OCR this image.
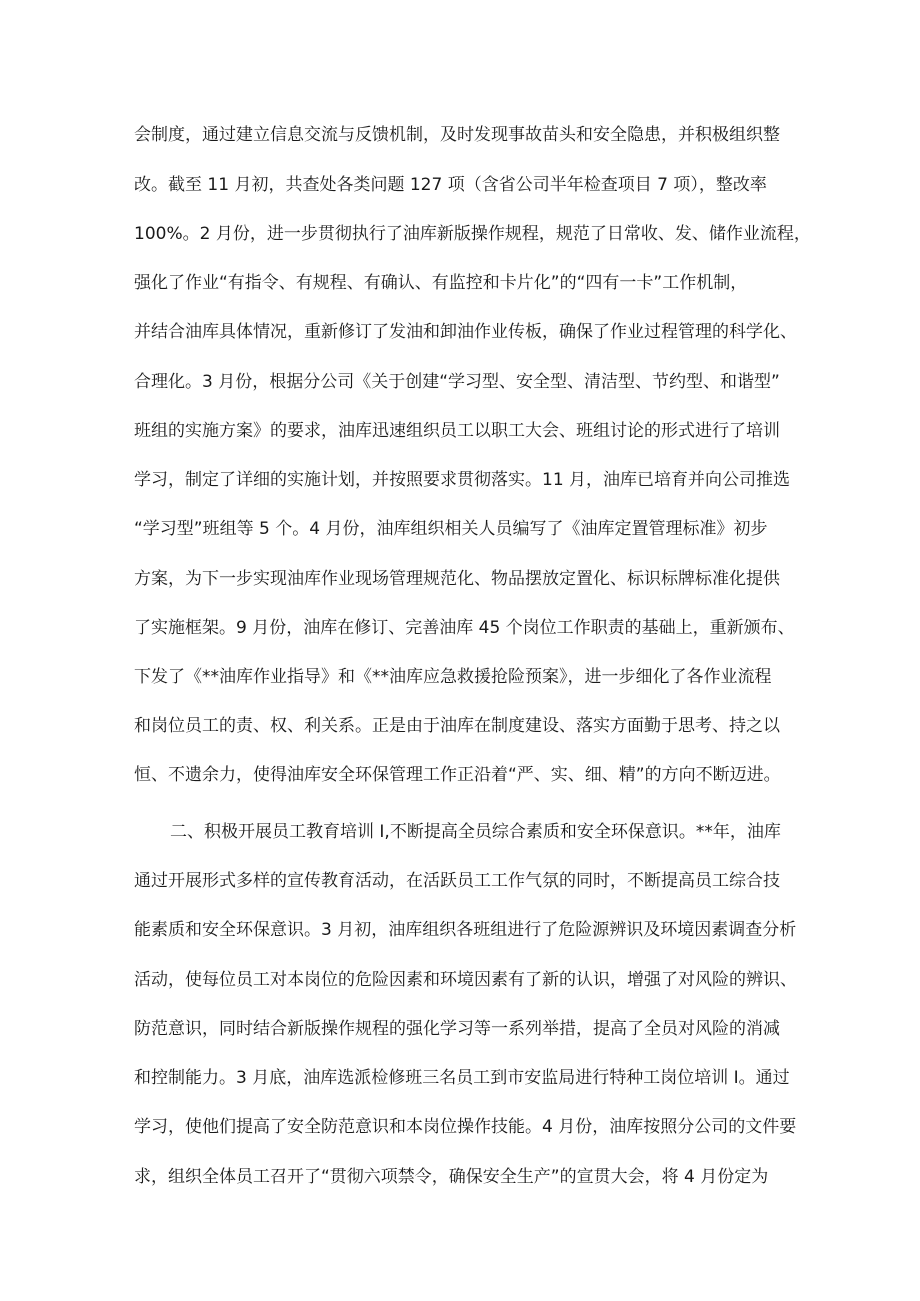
会制度，通过建立信息交流与反馈机制，及时发现事故苗头和安全隐患，并积极组织整
改。截至 11 月初，共查处各类问题 127 项（含省公司半年检查项目 7 项），整改率
100%。2 月份，进一步贯彻执行了油库新版操作规程，规范了日常收、发、储作业流程，
强化了作业“有指令、有规程、有确认、有监控和卡片化”的“四有一卡”工作机制，
并结合油库具体情况，重新修订了发油和卸油作业传板，确保了作业过程管理的科学化、
合理化。3 月份，根据分公司《关于创建“学习型、安全型、清洁型、节约型、和谐型”
班组的实施方案》的要求，油库迅速组织员工以职工大会、班组讨论的形式进行了培训
学习，制定了详细的实施计划，并按照要求贯彻落实。11 月，油库已培育并向公司推选
“学习型”班组等 5 个。4 月份，油库组织相关人员编写了《油库定置管理标准》初步
方案，为下一步实现油库作业现场管理规范化、物品摆放定置化、标识标牌标准化提供
了实施框架。9 月份，油库在修订、完善油库 45 个岗位工作职责的基础上，重新颁布、
下发了《**油库作业指导》和《**油库应急救援抢险预案》，进一步细化了各作业流程
和岗位员工的责、权、利关系。正是由于油库在制度建设、落实方面勤于思考、持之以
恒、不遗余力，使得油库安全环保管理工作正沿着“严、实、细、精”的方向不断迈进。
二、积极开展员工教育培训 I,不断提高全员综合素质和安全环保意识。**年，油库
通过开展形式多样的宣传教育活动，在活跃员工工作气氛的同时，不断提高员工综合技
能素质和安全环保意识。3 月初，油库组织各班组进行了危险源辨识及环境因素调查分析
活动，使每位员工对本岗位的危险因素和环境因素有了新的认识，增强了对风险的辨识、
防范意识，同时结合新版操作规程的强化学习等一系列举措，提高了全员对风险的消减
和控制能力。3 月底，油库选派检修班三名员工到市安监局进行特种工岗位培训 I。通过
学习，使他们提高了安全防范意识和本岗位操作技能。4 月份，油库按照分公司的文件要
求，组织全体员工召开了“贯彻六项禁令，确保安全生产”的宣贯大会，将 4 月份定为
